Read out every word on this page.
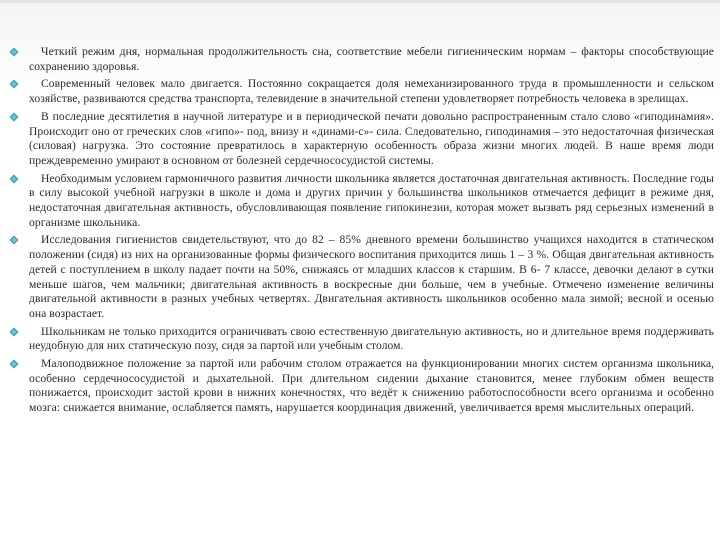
Четкий режим дня, нормальная продолжительность сна, соответствие мебели гигиеническим нормам – факторы способствующие сохранению здоровья.
Современный человек мало двигается. Постоянно сокращается доля немеханизированного труда в промышленности и сельском хозяйстве, развиваются средства транспорта, телевидение в значительной степени удовлетворяет потребность человека в зрелищах.
В последние десятилетия в научной литературе и в периодической печати довольно распространенным стало слово «гиподинамия». Происходит оно от греческих слов «гипо»- под, внизу и «динами-с»- сила. Следовательно, гиподинамия – это недостаточная физическая (силовая) нагрузка. Это состояние превратилось в характерную особенность образа жизни многих людей. В наше время люди преждевременно умирают в основном от болезней сердечнососудистой системы.
Необходимым условием гармоничного развития личности школьника является достаточная двигательная активность. Последние годы в силу высокой учебной нагрузки в школе и дома и других причин у большинства школьников отмечается дефицит в режиме дня, недостаточная двигательная активность, обусловливающая появление гипокинезии, которая может вызвать ряд серьезных изменений в организме школьника.
Исследования гигиенистов свидетельствуют, что до 82 – 85% дневного времени большинство учащихся находится в статическом положении (сидя) из них на организованные формы физического воспитания приходится лишь 1 – 3 %. Общая двигательная активность детей с поступлением в школу падает почти на 50%, снижаясь от младших классов к старшим. В 6- 7 классе, девочки делают в сутки меньше шагов, чем мальчики; двигательная активность в воскресные дни больше, чем в учебные. Отмечено изменение величины двигательной активности в разных учебных четвертях. Двигательная активность школьников особенно мала зимой; весной и осенью она возрастает.
Школьникам не только приходится ограничивать свою естественную двигательную активность, но и длительное время поддерживать неудобную для них статическую позу, сидя за партой или учебным столом.
Малоподвижное положение за партой или рабочим столом отражается на функционировании многих систем организма школьника, особенно сердечнососудистой и дыхательной. При длительном сидении дыхание становится, менее глубоким обмен веществ понижается, происходит застой крови в нижних конечностях, что ведёт к снижению работоспособности всего организма и особенно мозга: снижается внимание, ослабляется память, нарушается координация движений, увеличивается время мыслительных операций.
